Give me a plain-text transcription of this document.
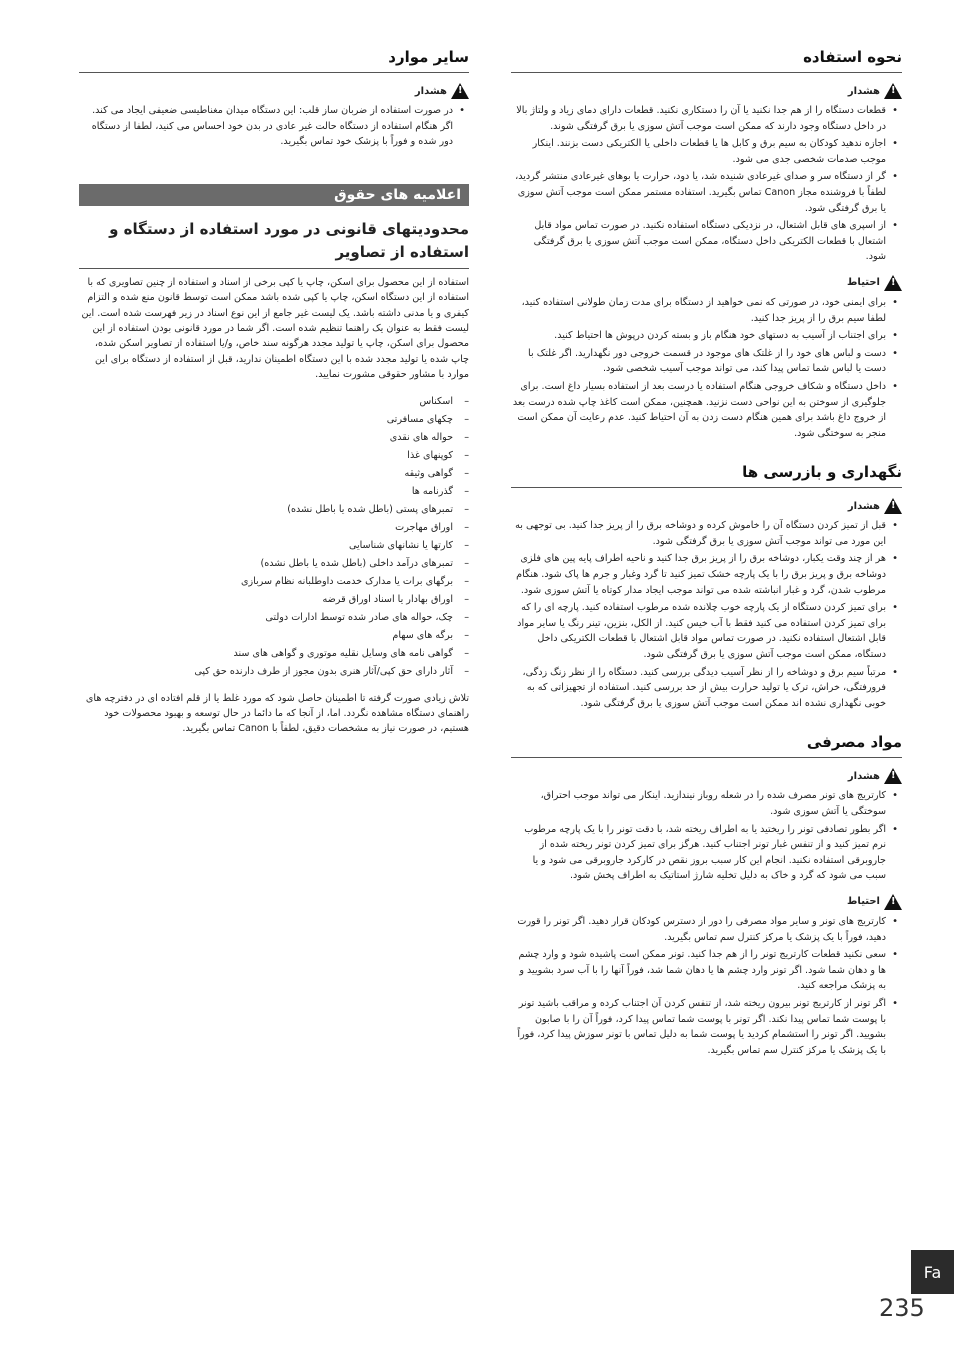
نحوه استفاده
!
هشدار
• قطعات دستگاه را از هم جدا نکنید یا آن را دستکاری نکنید. قطعات دارای دمای زیاد و ولتاژ بالا در داخل دستگاه وجود دارند که ممکن است موجب آتش سوزی یا برق گرفتگی شوند.
• اجازه ندهید کودکان به سیم برق و کابل ها یا قطعات داخلی یا الکتریکی دست بزنند. اینکار موجب صدمات شخصی جدی می شود.
• گر از دستگاه سر و صدای غیرعادی شنیده شد، یا دود، حرارت یا بوهای غیرعادی منتشر گردید، لطفاً با فروشنده مجاز Canon تماس بگیرید. استفاده مستمر ممکن است موجب آتش سوزی یا برق گرفتگی شود.
• از اسپری های قابل اشتعال، در نزدیکی دستگاه استفاده نکنید. در صورت تماس مواد قابل اشتعال با قطعات الکتریکی داخل دستگاه، ممکن است موجب آتش سوزی یا برق گرفتگی شود.
!
احتیاط
• برای ایمنی خود، در صورتی که نمی خواهید از دستگاه برای مدت زمان طولانی استفاده کنید، لطفا سیم برق را از پریز جدا کنید.
• برای اجتناب از آسیب به دستهای خود هنگام باز و بسته کردن درپوش ها احتیاط کنید.
• دست و لباس های خود را از غلتک های موجود در قسمت خروجی دور نگهدارید. اگر غلتک با دست یا لباس شما تماس پیدا کند، می تواند موجب آسیب شخصی شود.
• داخل دستگاه و شکاف خروجی هنگام استفاده یا درست بعد از استفاده بسیار داغ است. برای جلوگیری از سوختن به این نواحی دست نزنید. همچنین، ممکن است کاغذ چاپ شده درست بعد از خروج داغ باشد برای همین هنگام دست زدن به آن احتیاط کنید. عدم رعایت آن ممکن است منجر به سوختگی شود.
نگهداری و بازرسی ها
!
هشدار
• قبل از تمیز کردن دستگاه آن را خاموش کرده و دوشاخه برق را از پریز جدا کنید. بی توجهی به این مورد می تواند موجب آتش سوزی یا برق گرفتگی شود.
• هر از چند وقت یکبار، دوشاخه برق را از پریز برق جدا کنید و ناحیه اطراف پایه پین های فلزی دوشاخه برق و پریز برق را با یک پارچه خشک تمیز کنید تا گرد وغبار و جرم ها پاک شود. هنگام مرطوب شدن، گرد و غبار انباشته شده می تواند موجب ایجاد مدار کوتاه یا آتش سوزی شود.
• برای تمیز کردن دستگاه از یک پارچه خوب چلانده شده مرطوب استفاده کنید. پارچه ای را که برای تمیز کردن استفاده می کنید فقط با آب خیس کنید. از الکل، بنزین، تینر رنگ یا سایر مواد قابل اشتعال استفاده نکنید. در صورت تماس مواد قابل اشتعال با قطعات الکتریکی داخل دستگاه، ممکن است موجب آتش سوزی یا برق گرفتگی شود.
• مرتباً سیم برق و دوشاخه را از نظر آسیب دیدگی بررسی کنید. دستگاه را از نظر زنگ زدگی، فرورفتگی، خراش، ترک یا تولید حرارت بیش از حد بررسی کنید. استفاده از تجهیزاتی که به خوبی نگهداری نشده اند ممکن است موجب آتش سوزی یا برق گرفتگی شود.
مواد مصرفی
!
هشدار
• کارتریج های تونر مصرف شده را در شعله روباز نیندازید. اینکار می تواند موجب احتراق، سوختگی یا آتش سوزی شود.
• اگر بطور تصادفی تونر را ریختید یا به اطراف ریخته شد، با دقت تونر را با یک پارچه مرطوب نرم تمیز کنید و از تنفس غبار تونر اجتناب کنید. هرگز برای تمیز کردن تونر ریخته شده از جاروبرقی استفاده نکنید. انجام این کار سبب بروز نقص در کارکرد جاروبرقی می شود و یا سبب می شود که گرد و خاک به دلیل تخلیه شارژ استاتیک به اطراف پخش شود.
!
احتیاط
• کارتریج های تونر و سایر مواد مصرفی را دور از دسترس کودکان قرار دهید. اگر تونر را قورت دهید، فوراً با یک پزشک یا مرکز کنترل سم تماس بگیرید.
• سعی نکنید قطعات کارتریج تونر را از هم جدا کنید. تونر ممکن است پاشیده شود و وارد چشم ها و دهان شما شود. اگر تونر وارد چشم ها یا دهان شما شد، فوراً آنها را با آب سرد بشویید و به پزشک مراجعه کنید.
• اگر تونر از کارتریج تونر بیرون ریخته شد، از تنفس کردن آن اجتناب کرده و مراقب باشید تونر با پوست شما تماس پیدا نکند. اگر تونر با پوست شما تماس پیدا کرد، فوراً آن را با صابون بشویید. اگر تونر را استشمام کردید یا پوست شما به دلیل تماس با تونر سوزش پیدا کرد، فوراً با یک پزشک یا مرکز کنترل سم تماس بگیرید.
سایر موارد
!
هشدار
• در صورت استفاده از ضربان ساز قلب: این دستگاه میدان مغناطیسی ضعیفی ایجاد می کند. اگر هنگام استفاده از دستگاه حالت غیر عادی در بدن خود احساس می کنید، لطفا از دستگاه دور شده و فوراً با پزشک خود تماس بگیرید.
اعلامیه های حقوق
محدودیتهای قانونی در مورد استفاده از دستگاه و استفاده از تصاویر
استفاده از این محصول برای اسکن، چاپ یا کپی برخی از اسناد و استفاده از چنین تصاویری که با استفاده از این دستگاه اسکن، چاپ یا کپی شده باشد ممکن است توسط قانون منع شده و التزام کیفری و یا مدنی داشته باشد. یک لیست غیر جامع از این نوع اسناد در زیر فهرست شده است. این لیست فقط به عنوان یک راهنما تنظیم شده است. اگر شما در مورد قانونی بودن استفاده از این محصول برای اسکن، چاپ یا تولید مجدد هرگونه سند خاص، و/یا استفاده از تصاویر اسکن شده، چاپ شده یا تولید مجدد شده با این دستگاه اطمینان ندارید، قبل از استفاده از دستگاه برای این موارد با مشاور حقوقی مشورت نمایید.
– اسکناس
– چکهای مسافرتی
– حواله های نقدی
– کوپنهای غذا
– گواهی وثیقه
– گذرنامه ها
– تمبرهای پستی (باطل شده یا باطل نشده)
– اوراق مهاجرت
– کارتها یا نشانهای شناسایی
– تمبرهای درآمد داخلی (باطل شده یا باطل نشده)
– برگهای برات یا مدارک خدمت داوطلبانه نظام سربازی
– اوراق بهادار یا اسناد اوراق قرضه
– چک، حواله های صادر شده توسط ادارات دولتی
– برگه های سهام
– گواهی نامه های وسایل نقلیه موتوری و گواهی های سند
– آثار دارای حق کپی/آثار هنری بدون مجوز از طرف دارنده حق کپی
تلاش زیادی صورت گرفته تا اطمینان حاصل شود که مورد غلط یا از قلم افتاده ای در دفترچه های راهنمای دستگاه مشاهده نگردد. اما، از آنجا که ما دائما در حال توسعه و بهبود محصولات خود هستیم، در صورت نیاز به مشخصات دقیق، لطفاً با Canon تماس بگیرید.
Fa
235
